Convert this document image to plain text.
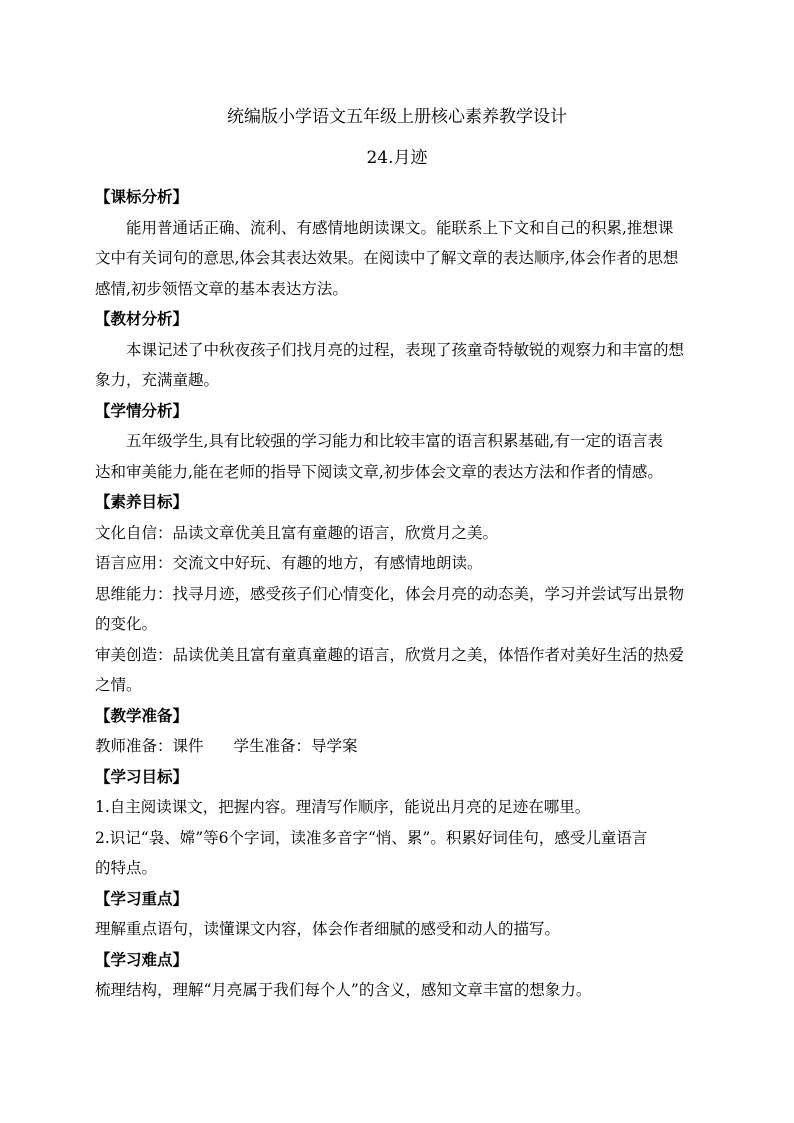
统编版小学语文五年级上册核心素养教学设计
24.月迹
【课标分析】
能用普通话正确、流利、有感情地朗读课文。能联系上下文和自己的积累,推想课
文中有关词句的意思,体会其表达效果。在阅读中了解文章的表达顺序,体会作者的思想
感情,初步领悟文章的基本表达方法。
【教材分析】
本课记述了中秋夜孩子们找月亮的过程，表现了孩童奇特敏锐的观察力和丰富的想
象力，充满童趣。
【学情分析】
五年级学生,具有比较强的学习能力和比较丰富的语言积累基础,有一定的语言表
达和审美能力,能在老师的指导下阅读文章,初步体会文章的表达方法和作者的情感。
【素养目标】
文化自信：品读文章优美且富有童趣的语言，欣赏月之美。
语言应用：交流文中好玩、有趣的地方，有感情地朗读。
思维能力：找寻月迹，感受孩子们心情变化，体会月亮的动态美，学习并尝试写出景物
的变化。
审美创造：品读优美且富有童真童趣的语言，欣赏月之美，体悟作者对美好生活的热爱
之情。
【教学准备】
教师准备：课件 学生准备：导学案
【学习目标】
1.自主阅读课文，把握内容。理清写作顺序，能说出月亮的足迹在哪里。
2.识记“袅、嫦”等6个字词，读准多音字“悄、累”。积累好词佳句，感受儿童语言
的特点。
【学习重点】
理解重点语句，读懂课文内容，体会作者细腻的感受和动人的描写。
【学习难点】
梳理结构，理解“月亮属于我们每个人”的含义，感知文章丰富的想象力。
